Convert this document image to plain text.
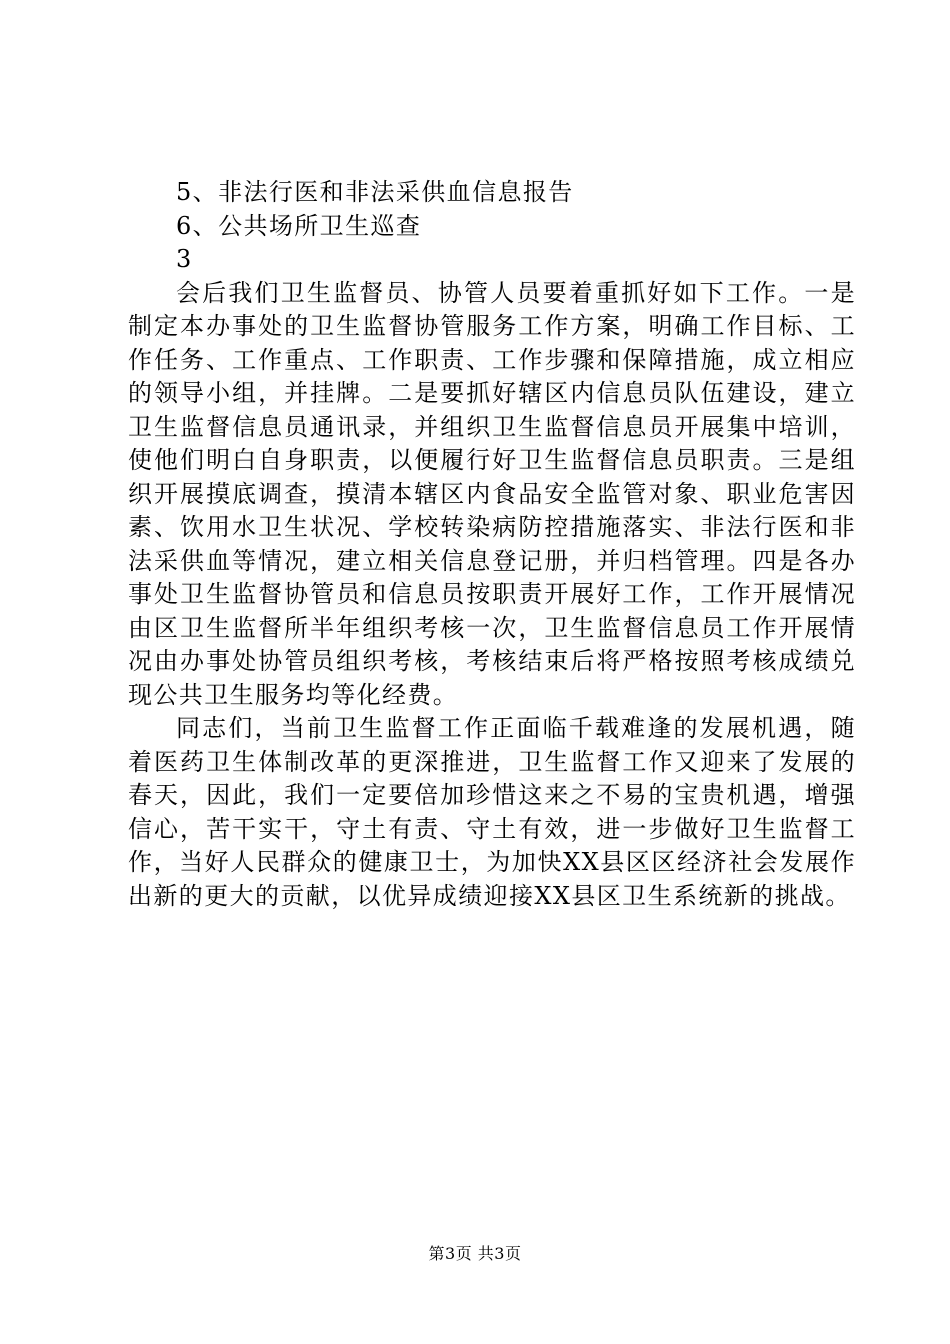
5、非法行医和非法采供血信息报告

6、公共场所卫生巡查

3

会后我们卫生监督员、协管人员要着重抓好如下工作。一是制定本办事处的卫生监督协管服务工作方案，明确工作目标、工作任务、工作重点、工作职责、工作步骤和保障措施，成立相应的领导小组，并挂牌。二是要抓好辖区内信息员队伍建设，建立卫生监督信息员通讯录，并组织卫生监督信息员开展集中培训，使他们明白自身职责，以便履行好卫生监督信息员职责。三是组织开展摸底调查，摸清本辖区内食品安全监管对象、职业危害因素、饮用水卫生状况、学校转染病防控措施落实、非法行医和非法采供血等情况，建立相关信息登记册，并归档管理。四是各办事处卫生监督协管员和信息员按职责开展好工作，工作开展情况由区卫生监督所半年组织考核一次，卫生监督信息员工作开展情况由办事处协管员组织考核，考核结束后将严格按照考核成绩兑现公共卫生服务均等化经费。

同志们，当前卫生监督工作正面临千载难逢的发展机遇，随着医药卫生体制改革的更深推进，卫生监督工作又迎来了发展的春天，因此，我们一定要倍加珍惜这来之不易的宝贵机遇，增强信心，苦干实干，守土有责、守土有效，进一步做好卫生监督工作，当好人民群众的健康卫士，为加快XX县区区经济社会发展作出新的更大的贡献，以优异成绩迎接XX县区卫生系统新的挑战。

第3页 共3页
